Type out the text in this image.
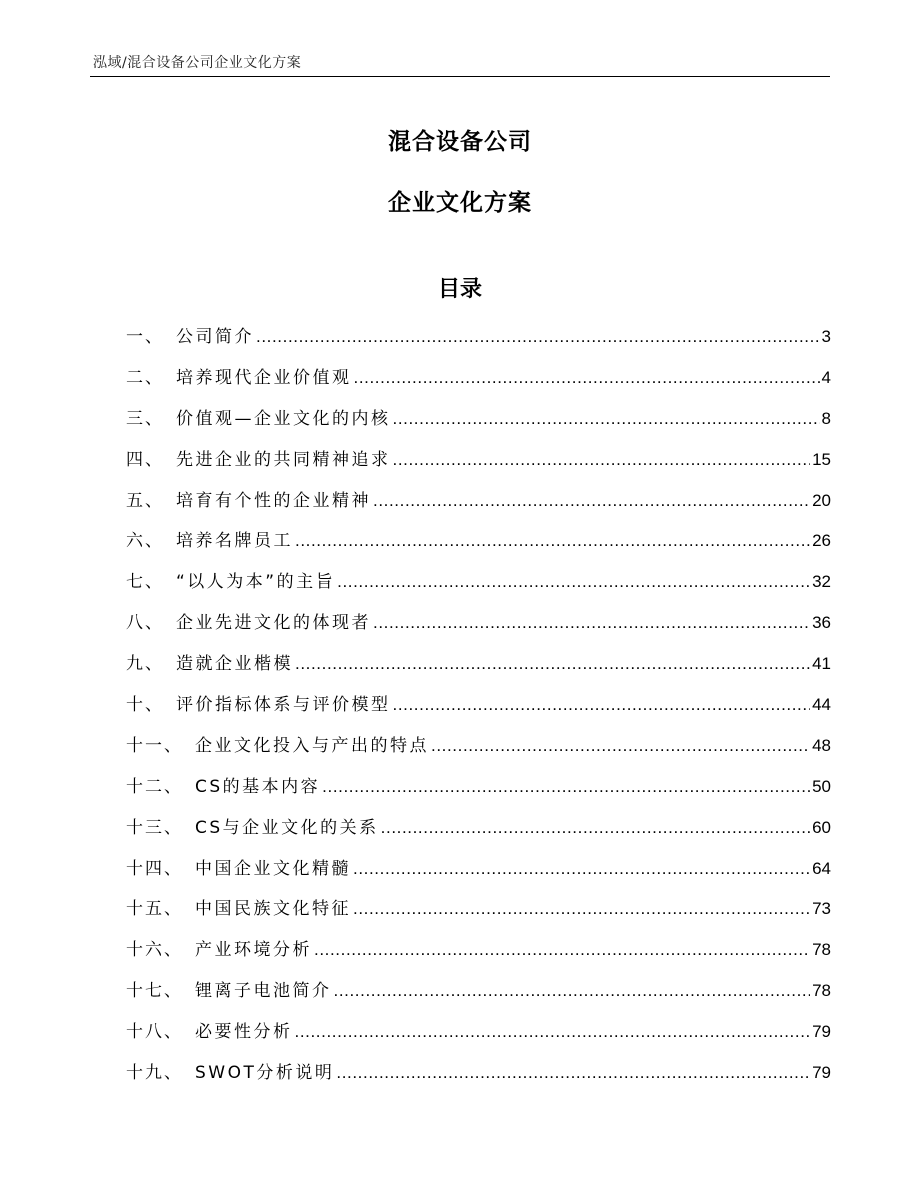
泓域/混合设备公司企业文化方案
混合设备公司
企业文化方案
目录
一、 公司简介 .....	3
二、 培养现代企业价值观 .....	4
三、 价值观—企业文化的内核 .....	8
四、 先进企业的共同精神追求 .....	15
五、 培育有个性的企业精神 .....	20
六、 培养名牌员工 .....	26
七、 “以人为本”的主旨 .....	32
八、 企业先进文化的体现者 .....	36
九、 造就企业楷模 .....	41
十、 评价指标体系与评价模型 .....	44
十一、 企业文化投入与产出的特点 .....	48
十二、 CS的基本内容 .....	50
十三、 CS与企业文化的关系 .....	60
十四、 中国企业文化精髓 .....	64
十五、 中国民族文化特征 .....	73
十六、 产业环境分析 .....	78
十七、 锂离子电池简介 .....	78
十八、 必要性分析 .....	79
十九、 SWOT分析说明 .....	79
